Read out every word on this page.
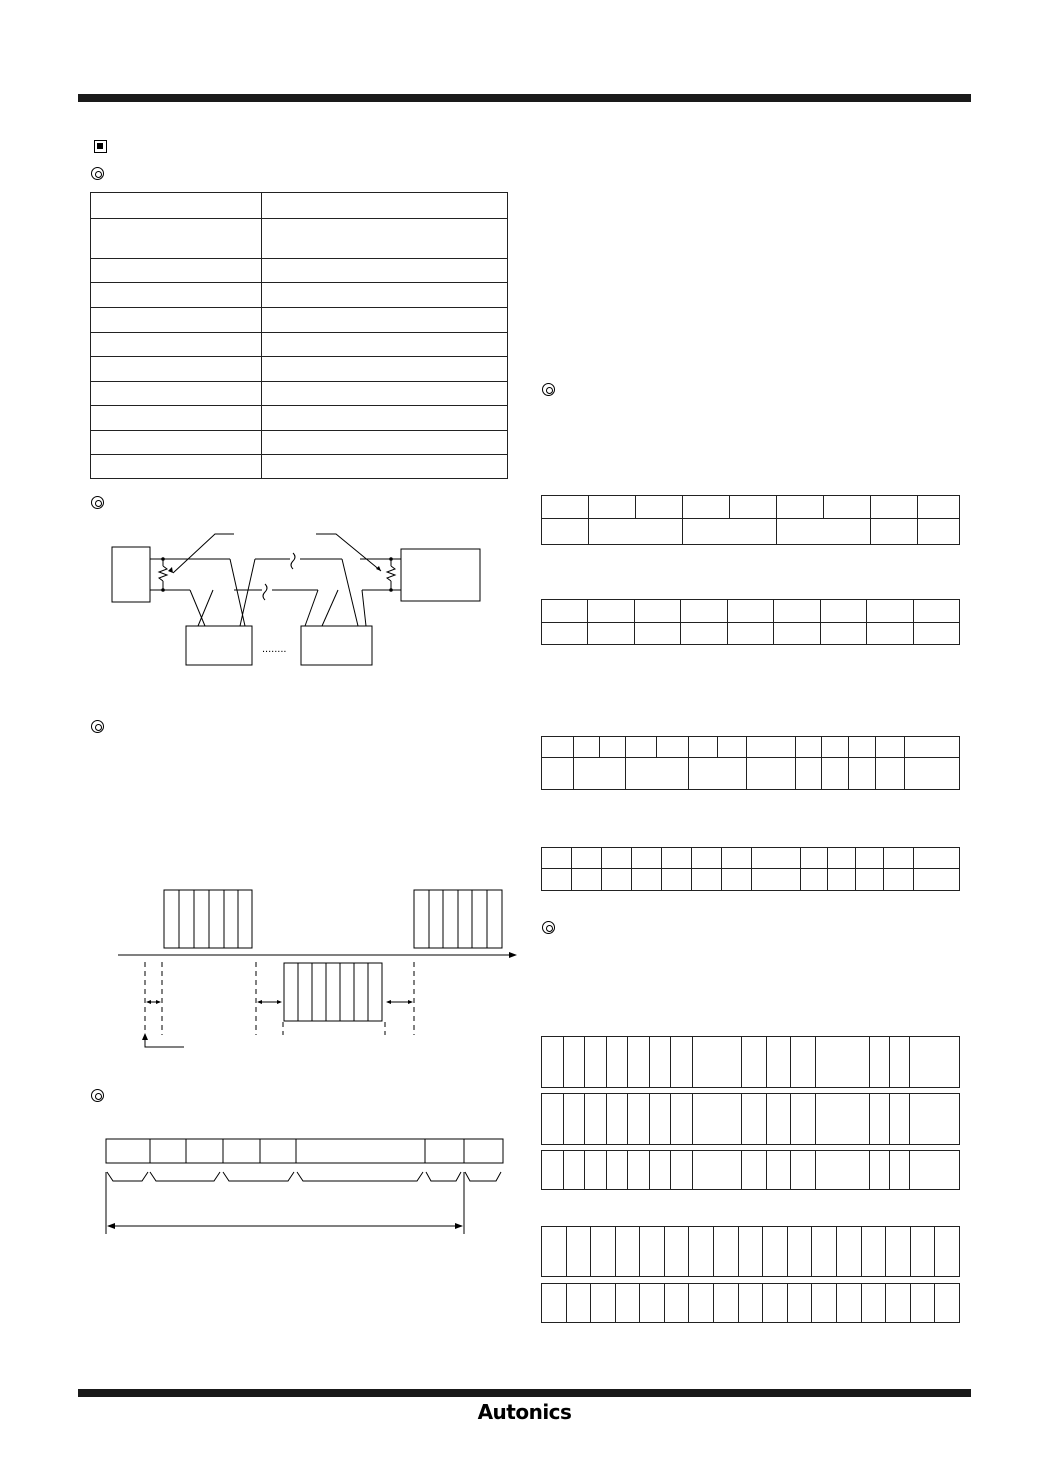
........

Autonics
